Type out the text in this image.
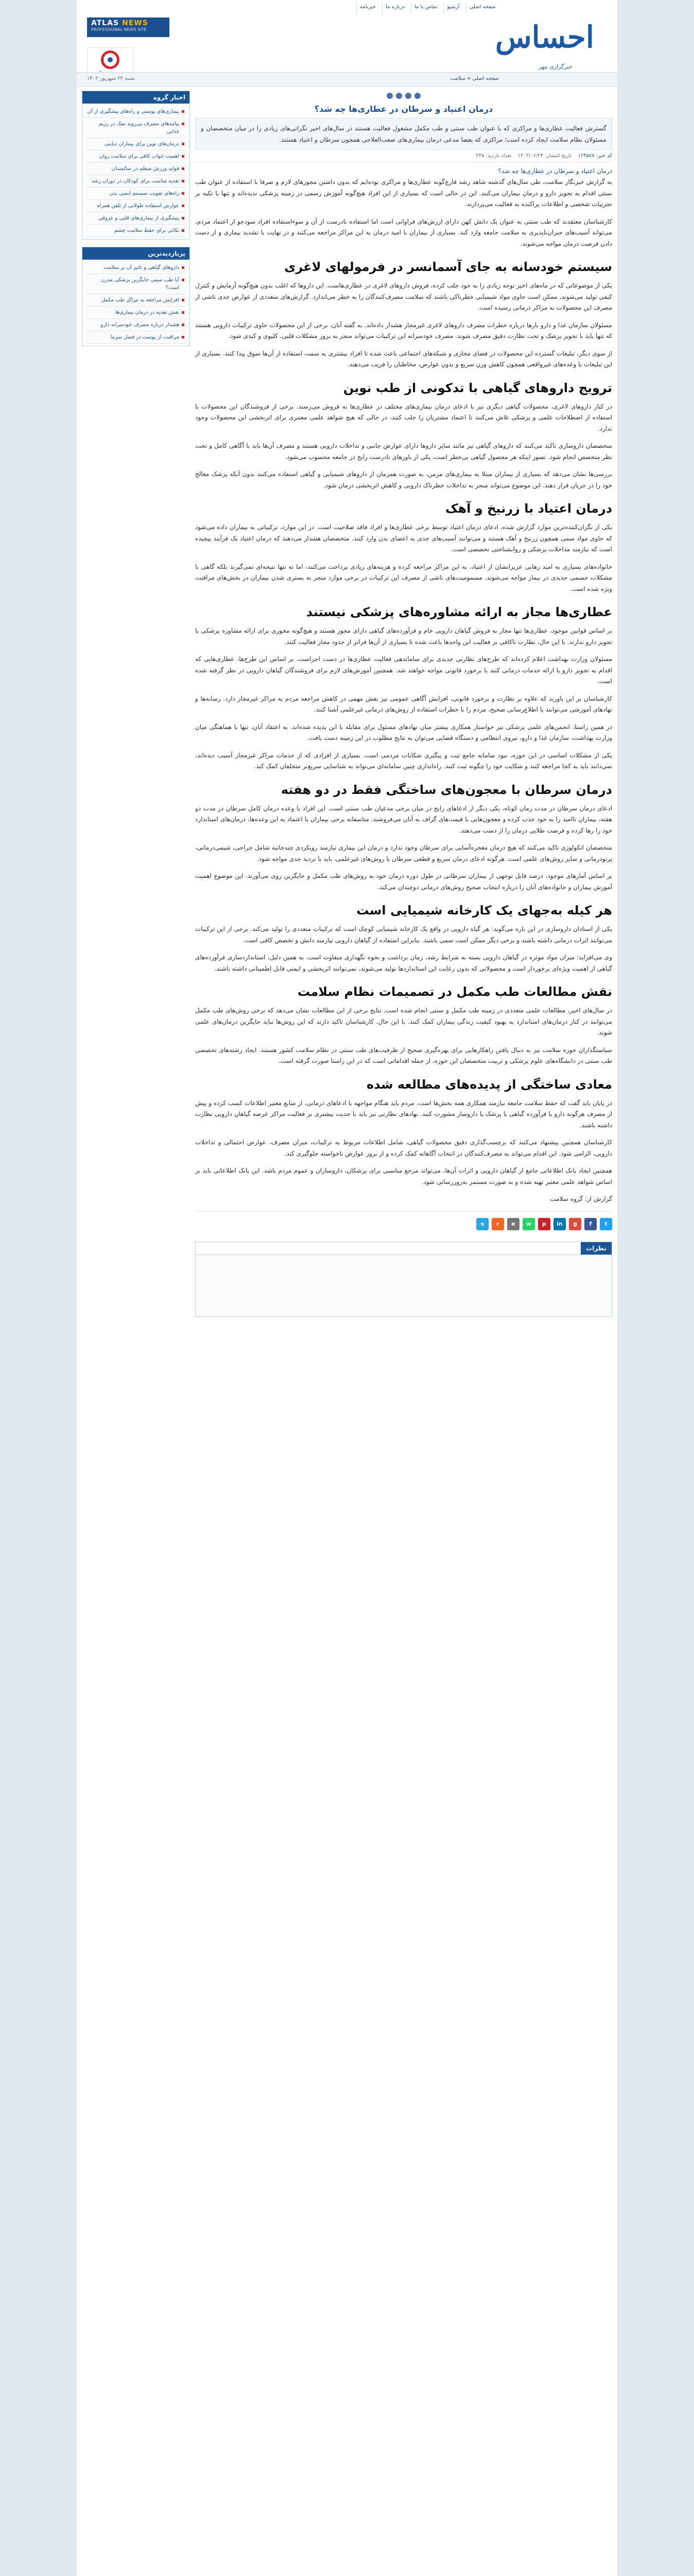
صفحه اصلی
آرشیو
تماس با ما
درباره ما
خبرنامه
احساس
خبرگزاری مهر
ATLAS NEWS
PROFESSIONAL NEWS SITE
صفحه اصلی » سلامت
شنبه ۲۴ شهریور ۱۴۰۳
اخبار گروه
بیماری‌های پوستی و راه‌های پیشگیری از آن
پیامدهای مصرف بی‌رویه نمک در رژیم غذایی
درمان‌های نوین برای بیماران دیابتی
اهمیت خواب کافی برای سلامت روان
فواید ورزش منظم در سالمندان
تغذیه مناسب برای کودکان در دوران رشد
راه‌های تقویت سیستم ایمنی بدن
عوارض استفاده طولانی از تلفن همراه
پیشگیری از بیماری‌های قلبی و عروقی
نکاتی برای حفظ سلامت چشم
پربازدیدترین
داروهای گیاهی و تاثیر آن بر سلامت
آیا طب سنتی جایگزین پزشکی مدرن است؟
افزایش مراجعه به مراکز طب مکمل
نقش تغذیه در درمان بیماری‌ها
هشدار درباره مصرف خودسرانه دارو
مراقبت از پوست در فصل سرما
درمان اعتیاد و سرطان در عطاری‌ها چه شد؟
گسترش فعالیت عطاری‌ها و مراکزی که با عنوان طب سنتی و طب مکمل مشغول فعالیت هستند در سال‌های اخیر نگرانی‌های زیادی را در میان متخصصان و مسئولان نظام سلامت ایجاد کرده است؛ مراکزی که بعضا مدعی درمان بیماری‌های صعب‌العلاجی همچون سرطان و اعتیاد هستند.
کد خبر: ۱۲۴۵۸۷
تاریخ انتشار: ۱۴۰۳/۰۶/۲۴
تعداد بازدید: ۳۴۵
درمان اعتیاد و سرطان در عطاری‌ها چه شد؟

به گزارش خبرنگار سلامت، طی سال‌های گذشته شاهد رشد قارچ‌گونه عطاری‌ها و مراکزی بوده‌ایم که بدون داشتن مجوزهای لازم و صرفا با استفاده از عنوان طب سنتی اقدام به تجویز دارو و درمان بیماران می‌کنند. این در حالی است که بسیاری از این افراد هیچ‌گونه آموزش رسمی در زمینه پزشکی ندیده‌اند و تنها با تکیه بر تجربیات شخصی و اطلاعات پراکنده به فعالیت می‌پردازند.

کارشناسان معتقدند که طب سنتی به عنوان یک دانش کهن دارای ارزش‌های فراوانی است اما استفاده نادرست از آن و سوءاستفاده افراد سودجو از اعتماد مردم، می‌تواند آسیب‌های جبران‌ناپذیری به سلامت جامعه وارد کند. بسیاری از بیماران با امید درمان به این مراکز مراجعه می‌کنند و در نهایت با تشدید بیماری و از دست دادن فرصت درمان مواجه می‌شوند.

سیستم خودسانه به جای آسمانسر در فرمولهای لاغری

یکی از موضوعاتی که در ماه‌های اخیر توجه زیادی را به خود جلب کرده، فروش داروهای لاغری در عطاری‌هاست. این داروها که اغلب بدون هیچ‌گونه آزمایش و کنترل کیفی تولید می‌شوند، ممکن است حاوی مواد شیمیایی خطرناکی باشند که سلامت مصرف‌کنندگان را به خطر می‌اندازد. گزارش‌های متعددی از عوارض جدی ناشی از مصرف این محصولات به مراکز درمانی رسیده است.

مسئولان سازمان غذا و دارو بارها درباره خطرات مصرف داروهای لاغری غیرمجاز هشدار داده‌اند. به گفته آنان، برخی از این محصولات حاوی ترکیبات دارویی هستند که تنها باید با تجویز پزشک و تحت نظارت دقیق مصرف شوند. مصرف خودسرانه این ترکیبات می‌تواند منجر به بروز مشکلات قلبی، کلیوی و کبدی شود.

از سوی دیگر، تبلیغات گسترده این محصولات در فضای مجازی و شبکه‌های اجتماعی باعث شده تا افراد بیشتری به سمت استفاده از آن‌ها سوق پیدا کنند. بسیاری از این تبلیغات با وعده‌های غیرواقعی همچون کاهش وزن سریع و بدون عوارض، مخاطبان را فریب می‌دهند.

ترویج داروهای گیاهی با تدکونی از طب نوین

در کنار داروهای لاغری، محصولات گیاهی دیگری نیز با ادعای درمان بیماری‌های مختلف در عطاری‌ها به فروش می‌رسند. برخی از فروشندگان این محصولات با استفاده از اصطلاحات علمی و پزشکی تلاش می‌کنند تا اعتماد مشتریان را جلب کنند، در حالی که هیچ شواهد علمی معتبری برای اثربخشی این محصولات وجود ندارد.

متخصصان داروسازی تاکید می‌کنند که داروهای گیاهی نیز مانند سایر داروها دارای عوارض جانبی و تداخلات دارویی هستند و مصرف آن‌ها باید با آگاهی کامل و تحت نظر متخصص انجام شود. تصور اینکه هر محصول گیاهی بی‌خطر است، یکی از باورهای نادرست رایج در جامعه محسوب می‌شود.

بررسی‌ها نشان می‌دهد که بسیاری از بیماران مبتلا به بیماری‌های مزمن، به صورت همزمان از داروهای شیمیایی و گیاهی استفاده می‌کنند بدون آنکه پزشک معالج خود را در جریان قرار دهند. این موضوع می‌تواند منجر به تداخلات خطرناک دارویی و کاهش اثربخشی درمان شود.

درمان اعتیاد با زرنیخ و آهک

یکی از نگران‌کننده‌ترین موارد گزارش شده، ادعای درمان اعتیاد توسط برخی عطاری‌ها و افراد فاقد صلاحیت است. در این موارد، ترکیباتی به بیماران داده می‌شود که حاوی مواد سمی همچون زرنیخ و آهک هستند و می‌توانند آسیب‌های جدی به اعضای بدن وارد کنند. متخصصان هشدار می‌دهند که درمان اعتیاد یک فرآیند پیچیده است که نیازمند مداخلات پزشکی و روانشناختی تخصصی است.

خانواده‌های بسیاری به امید رهایی عزیزانشان از اعتیاد، به این مراکز مراجعه کرده و هزینه‌های زیادی پرداخت می‌کنند، اما نه تنها نتیجه‌ای نمی‌گیرند بلکه گاهی با مشکلات جسمی جدیدی در بیمار مواجه می‌شوند. مسمومیت‌های ناشی از مصرف این ترکیبات در برخی موارد منجر به بستری شدن بیماران در بخش‌های مراقبت ویژه شده است.

عطاری‌ها مجاز به ارائه مشاوره‌های پزشکی نیستند

بر اساس قوانین موجود، عطاری‌ها تنها مجاز به فروش گیاهان دارویی خام و فرآورده‌های گیاهی دارای مجوز هستند و هیچ‌گونه مجوزی برای ارائه مشاوره پزشکی یا تجویز دارو ندارند. با این حال، نظارت ناکافی بر فعالیت این واحدها باعث شده تا بسیاری از آن‌ها فراتر از حدود مجاز فعالیت کنند.

مسئولان وزارت بهداشت اعلام کرده‌اند که طرح‌های نظارتی جدیدی برای ساماندهی فعالیت عطاری‌ها در دست اجراست. بر اساس این طرح‌ها، عطاری‌هایی که اقدام به تجویز دارو یا ارائه خدمات درمانی کنند با برخورد قانونی مواجه خواهند شد. همچنین آموزش‌های لازم برای فروشندگان گیاهان دارویی در نظر گرفته شده است.

کارشناسان بر این باورند که علاوه بر نظارت و برخورد قانونی، افزایش آگاهی عمومی نیز نقش مهمی در کاهش مراجعه مردم به مراکز غیرمجاز دارد. رسانه‌ها و نهادهای آموزشی می‌توانند با اطلاع‌رسانی صحیح، مردم را با خطرات استفاده از روش‌های درمانی غیرعلمی آشنا کنند.

در همین راستا، انجمن‌های علمی پزشکی نیز خواستار همکاری بیشتر میان نهادهای مسئول برای مقابله با این پدیده شده‌اند. به اعتقاد آنان، تنها با هماهنگی میان وزارت بهداشت، سازمان غذا و دارو، نیروی انتظامی و دستگاه قضایی می‌توان به نتایج مطلوب در این زمینه دست یافت.

یکی از مشکلات اساسی در این حوزه، نبود سامانه جامع ثبت و پیگیری شکایات مردمی است. بسیاری از افرادی که از خدمات مراکز غیرمجاز آسیب دیده‌اند، نمی‌دانند باید به کجا مراجعه کنند و شکایت خود را چگونه ثبت کنند. راه‌اندازی چنین سامانه‌ای می‌تواند به شناسایی سریع‌تر متخلفان کمک کند.

درمان سرطان با معجون‌های ساختگی فقط در دو هفته

ادعای درمان سرطان در مدت زمان کوتاه، یکی دیگر از ادعاهای رایج در میان برخی مدعیان طب سنتی است. این افراد با وعده درمان کامل سرطان در مدت دو هفته، بیماران ناامید را به خود جذب کرده و معجون‌هایی با قیمت‌های گزاف به آنان می‌فروشند. متاسفانه برخی بیماران با اعتماد به این وعده‌ها، درمان‌های استاندارد خود را رها کرده و فرصت طلایی درمان را از دست می‌دهند.

متخصصان انکولوژی تاکید می‌کنند که هیچ درمان معجزه‌آسایی برای سرطان وجود ندارد و درمان این بیماری نیازمند رویکردی چندجانبه شامل جراحی، شیمی‌درمانی، پرتودرمانی و سایر روش‌های علمی است. هرگونه ادعای درمان سریع و قطعی سرطان با روش‌های غیرعلمی، باید با تردید جدی مواجه شود.

بر اساس آمارهای موجود، درصد قابل توجهی از بیماران سرطانی در طول دوره درمان خود به روش‌های طب مکمل و جایگزین روی می‌آورند. این موضوع اهمیت آموزش بیماران و خانواده‌های آنان را درباره انتخاب صحیح روش‌های درمانی دوچندان می‌کند.

هر کیله به‌جهای یک کارخانه شیمیایی است

یکی از استادان داروسازی در این باره می‌گوید: هر گیاه دارویی در واقع یک کارخانه شیمیایی کوچک است که ترکیبات متعددی را تولید می‌کند. برخی از این ترکیبات می‌توانند اثرات درمانی داشته باشند و برخی دیگر ممکن است سمی باشند. بنابراین استفاده از گیاهان دارویی نیازمند دانش و تخصص کافی است.

وی می‌افزاید: میزان مواد موثره در گیاهان دارویی بسته به شرایط رشد، زمان برداشت و نحوه نگهداری متفاوت است. به همین دلیل، استانداردسازی فرآورده‌های گیاهی از اهمیت ویژه‌ای برخوردار است و محصولاتی که بدون رعایت این استانداردها تولید می‌شوند، نمی‌توانند اثربخشی و ایمنی قابل اطمینانی داشته باشند.

نقش مطالعات طب مکمل در تصمیمات نظام سلامت

در سال‌های اخیر، مطالعات علمی متعددی در زمینه طب مکمل و سنتی انجام شده است. نتایج برخی از این مطالعات نشان می‌دهد که برخی روش‌های طب مکمل می‌توانند در کنار درمان‌های استاندارد به بهبود کیفیت زندگی بیماران کمک کنند. با این حال، کارشناسان تاکید دارند که این روش‌ها نباید جایگزین درمان‌های علمی شوند.

سیاستگذاران حوزه سلامت نیز به دنبال یافتن راهکارهایی برای بهره‌گیری صحیح از ظرفیت‌های طب سنتی در نظام سلامت کشور هستند. ایجاد رشته‌های تخصصی طب سنتی در دانشگاه‌های علوم پزشکی و تربیت متخصصان این حوزه، از جمله اقداماتی است که در این راستا صورت گرفته است.

معادی ساختگی از پدیده‌های مطالعه شده

در پایان باید گفت که حفظ سلامت جامعه نیازمند همکاری همه بخش‌ها است. مردم باید هنگام مواجهه با ادعاهای درمانی، از منابع معتبر اطلاعات کسب کرده و پیش از مصرف هرگونه دارو یا فرآورده گیاهی با پزشک یا داروساز مشورت کنند. نهادهای نظارتی نیز باید با جدیت بیشتری بر فعالیت مراکز عرضه گیاهان دارویی نظارت داشته باشند.

کارشناسان همچنین پیشنهاد می‌کنند که برچسب‌گذاری دقیق محصولات گیاهی، شامل اطلاعات مربوط به ترکیبات، میزان مصرف، عوارض احتمالی و تداخلات دارویی، الزامی شود. این اقدام می‌تواند به مصرف‌کنندگان در انتخاب آگاهانه کمک کرده و از بروز عوارض ناخواسته جلوگیری کند.

همچنین ایجاد بانک اطلاعاتی جامع از گیاهان دارویی و اثرات آن‌ها، می‌تواند مرجع مناسبی برای پزشکان، داروسازان و عموم مردم باشد. این بانک اطلاعاتی باید بر اساس شواهد علمی معتبر تهیه شده و به صورت مستمر به‌روزرسانی شود.

گزارش از: گروه سلامت

t
f
g
in
p
w
e
r
s
نظرات
